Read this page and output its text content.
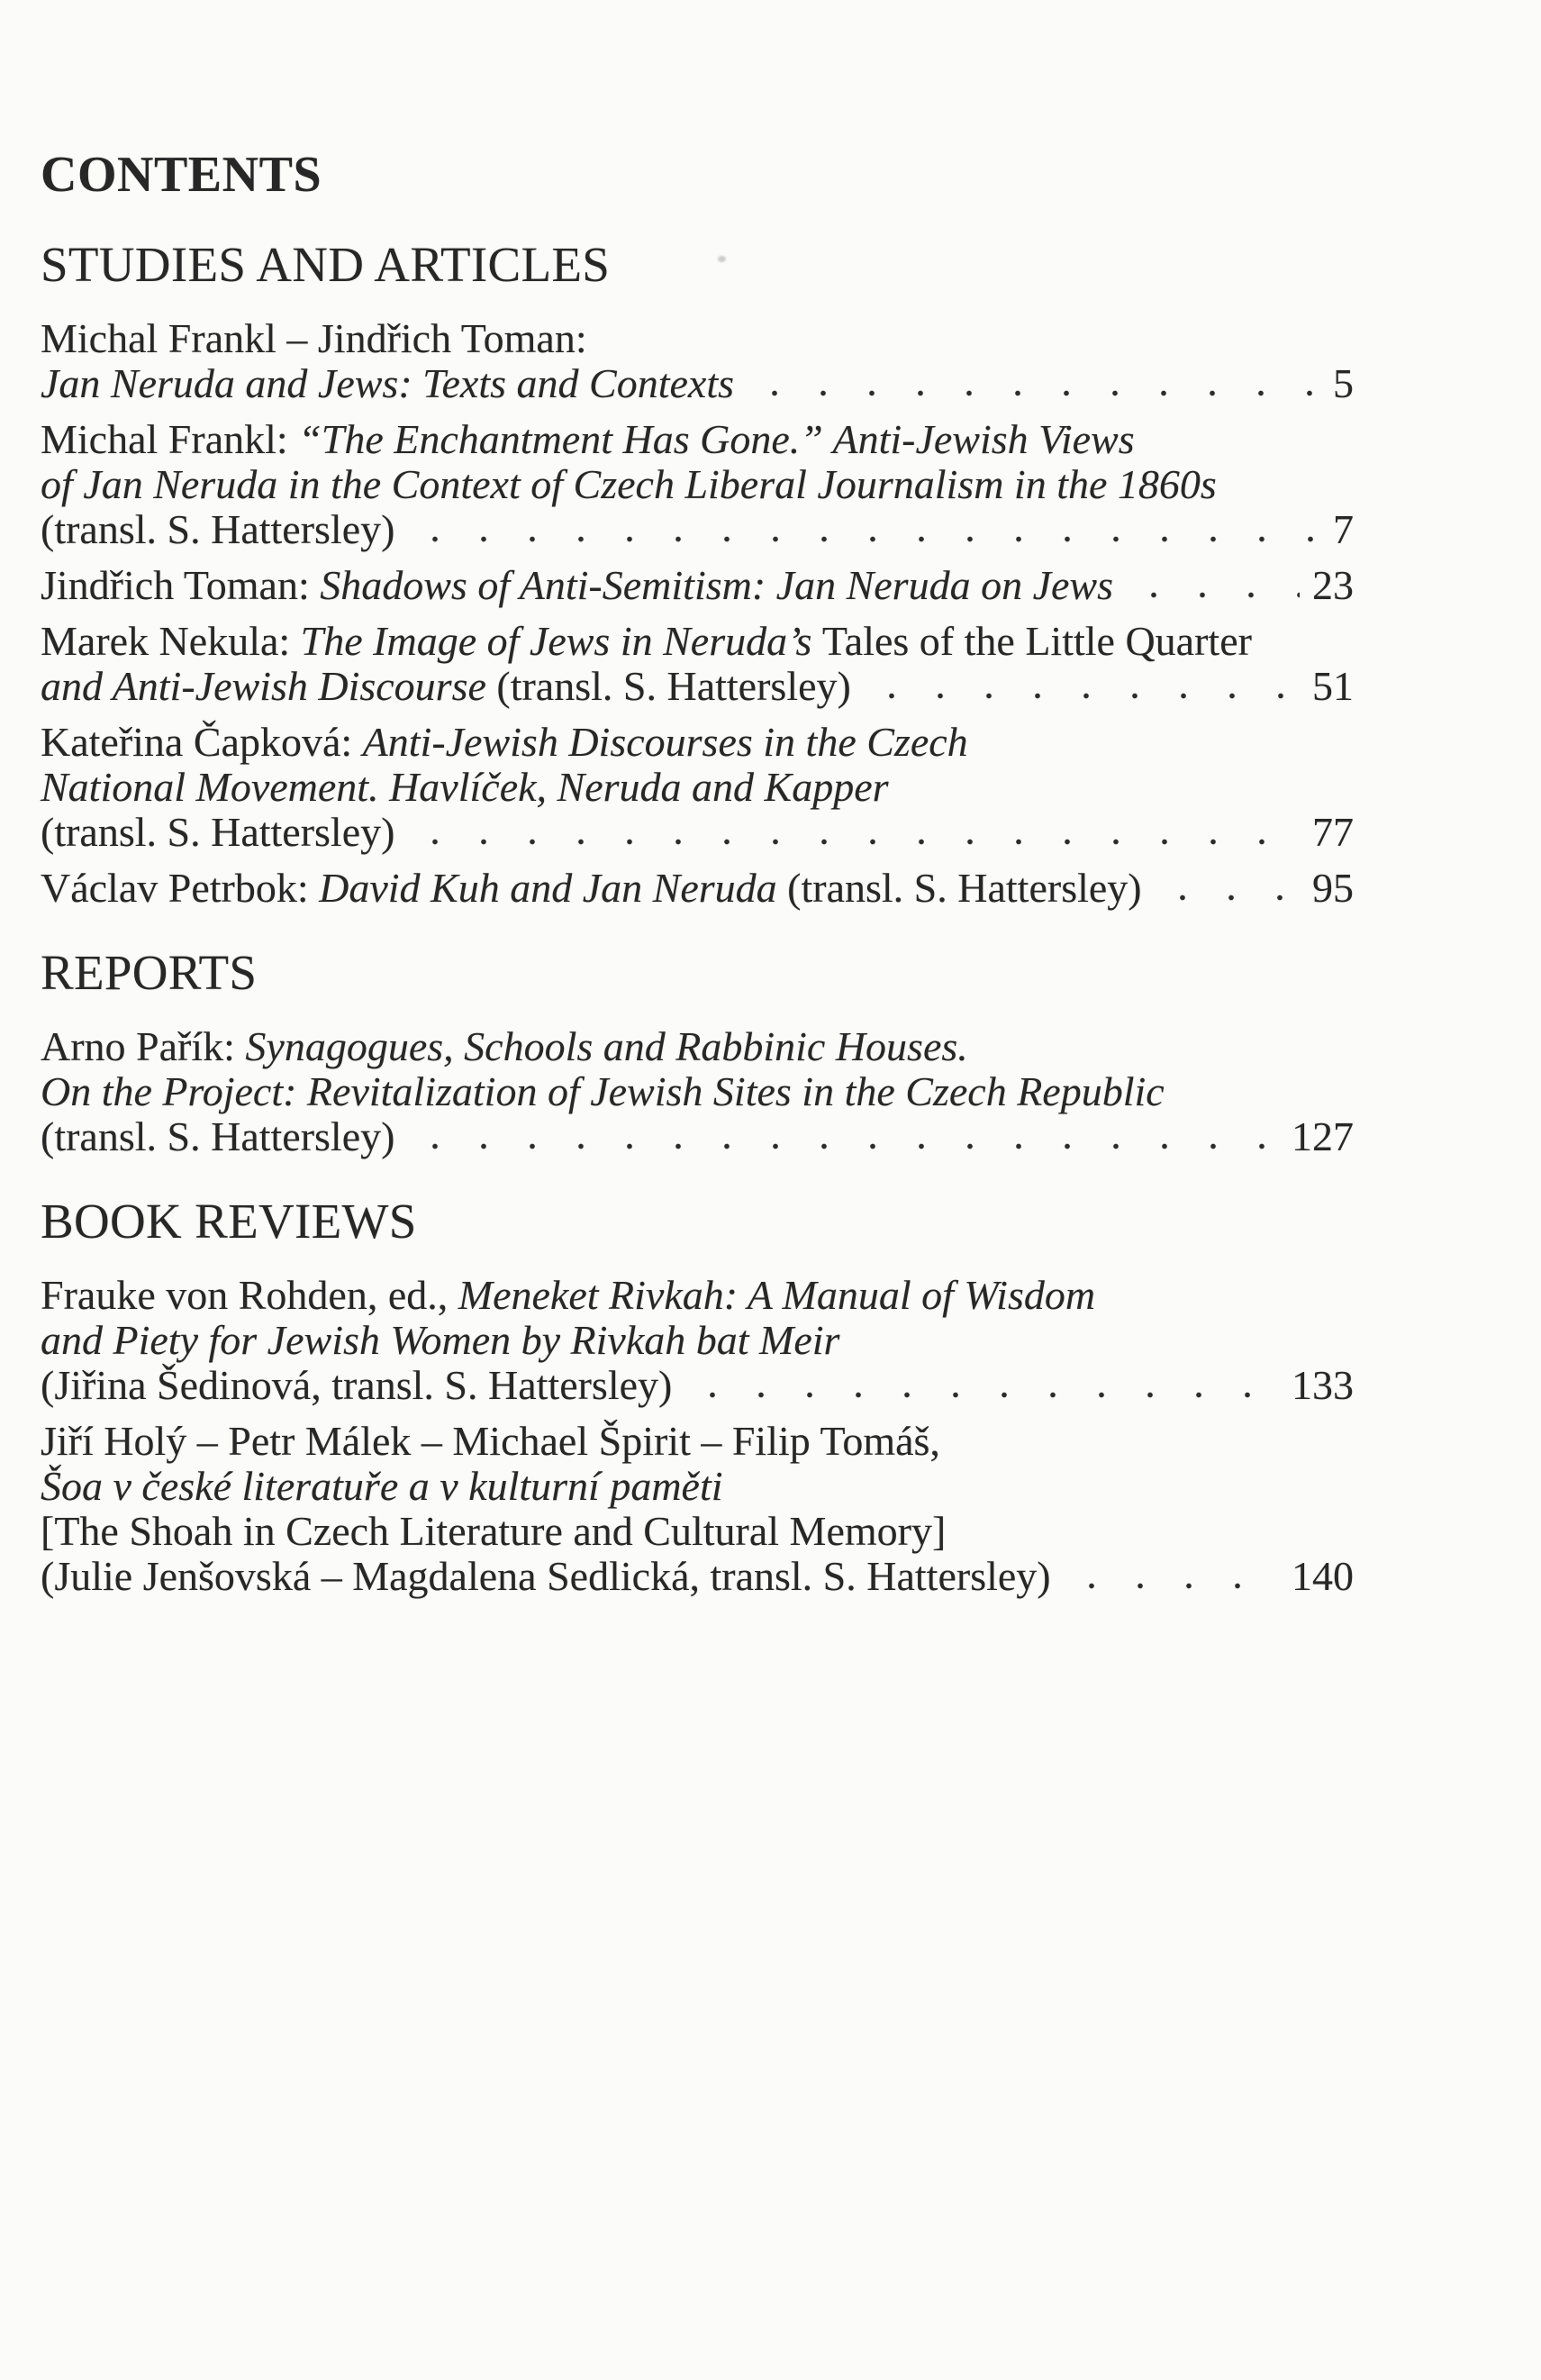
CONTENTS
STUDIES AND ARTICLES
Michal Frankl – Jindřich Toman:
Jan Neruda and Jews: Texts and Contexts	5
Michal Frankl: “The Enchantment Has Gone.” Anti-Jewish Views
of Jan Neruda in the Context of Czech Liberal Journalism in the 1860s
(transl. S. Hattersley)	7
Jindřich Toman: Shadows of Anti-Semitism: Jan Neruda on Jews	23
Marek Nekula: The Image of Jews in Neruda’s Tales of the Little Quarter
and Anti-Jewish Discourse (transl. S. Hattersley)	51
Kateřina Čapková: Anti-Jewish Discourses in the Czech
National Movement. Havlíček, Neruda and Kapper
(transl. S. Hattersley)	77
Václav Petrbok: David Kuh and Jan Neruda (transl. S. Hattersley)	95
REPORTS
Arno Pařík: Synagogues, Schools and Rabbinic Houses.
On the Project: Revitalization of Jewish Sites in the Czech Republic
(transl. S. Hattersley)	127
BOOK REVIEWS
Frauke von Rohden, ed., Meneket Rivkah: A Manual of Wisdom
and Piety for Jewish Women by Rivkah bat Meir
(Jiřina Šedinová, transl. S. Hattersley)	133
Jiří Holý – Petr Málek – Michael Špirit – Filip Tomáš,
Šoa v české literatuře a v kulturní paměti
[The Shoah in Czech Literature and Cultural Memory]
(Julie Jenšovská – Magdalena Sedlická, transl. S. Hattersley)	140
